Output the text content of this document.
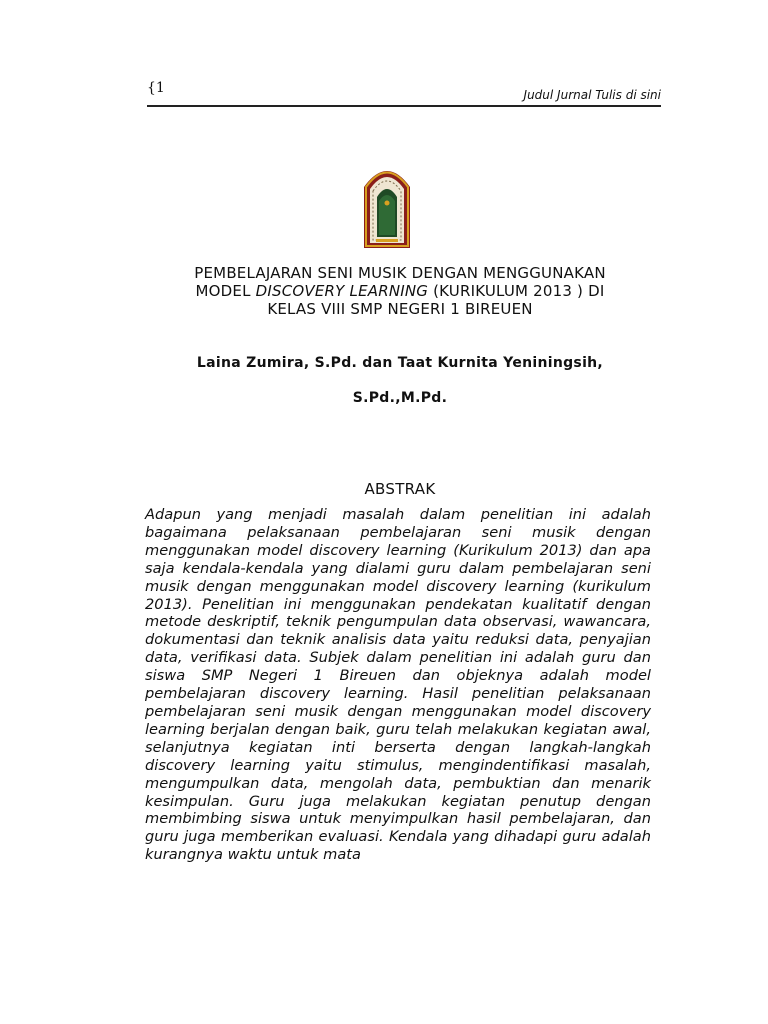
{1	Judul Jurnal Tulis di sini
PEMBELAJARAN SENI MUSIK DENGAN MENGGUNAKAN
MODEL DISCOVERY LEARNING (KURIKULUM 2013 ) DI
KELAS VIII SMP NEGERI 1 BIREUEN
Laina Zumira, S.Pd. dan Taat Kurnita Yeniningsih,
S.Pd.,M.Pd.
ABSTRAK

Adapun yang menjadi masalah dalam penelitian ini adalah bagaimana pelaksanaan pembelajaran seni musik dengan menggunakan model discovery learning (Kurikulum 2013) dan apa saja kendala-kendala yang dialami guru dalam pembelajaran seni musik dengan menggunakan model discovery learning (kurikulum 2013). Penelitian ini menggunakan pendekatan kualitatif dengan metode deskriptif, teknik pengumpulan data observasi, wawancara, dokumentasi dan teknik analisis data yaitu reduksi data, penyajian data, verifikasi data. Subjek dalam penelitian ini adalah guru dan siswa SMP Negeri 1 Bireuen dan objeknya adalah model pembelajaran discovery learning. Hasil penelitian pelaksanaan pembelajaran seni musik dengan menggunakan model discovery learning berjalan dengan baik, guru telah melakukan kegiatan awal, selanjutnya kegiatan inti berserta dengan langkah-langkah discovery learning yaitu stimulus, mengindentifikasi masalah, mengumpulkan data, mengolah data, pembuktian dan menarik kesimpulan. Guru juga melakukan kegiatan penutup dengan membimbing siswa untuk menyimpulkan hasil pembelajaran, dan guru juga memberikan evaluasi. Kendala yang dihadapi guru adalah kurangnya waktu untuk mata
